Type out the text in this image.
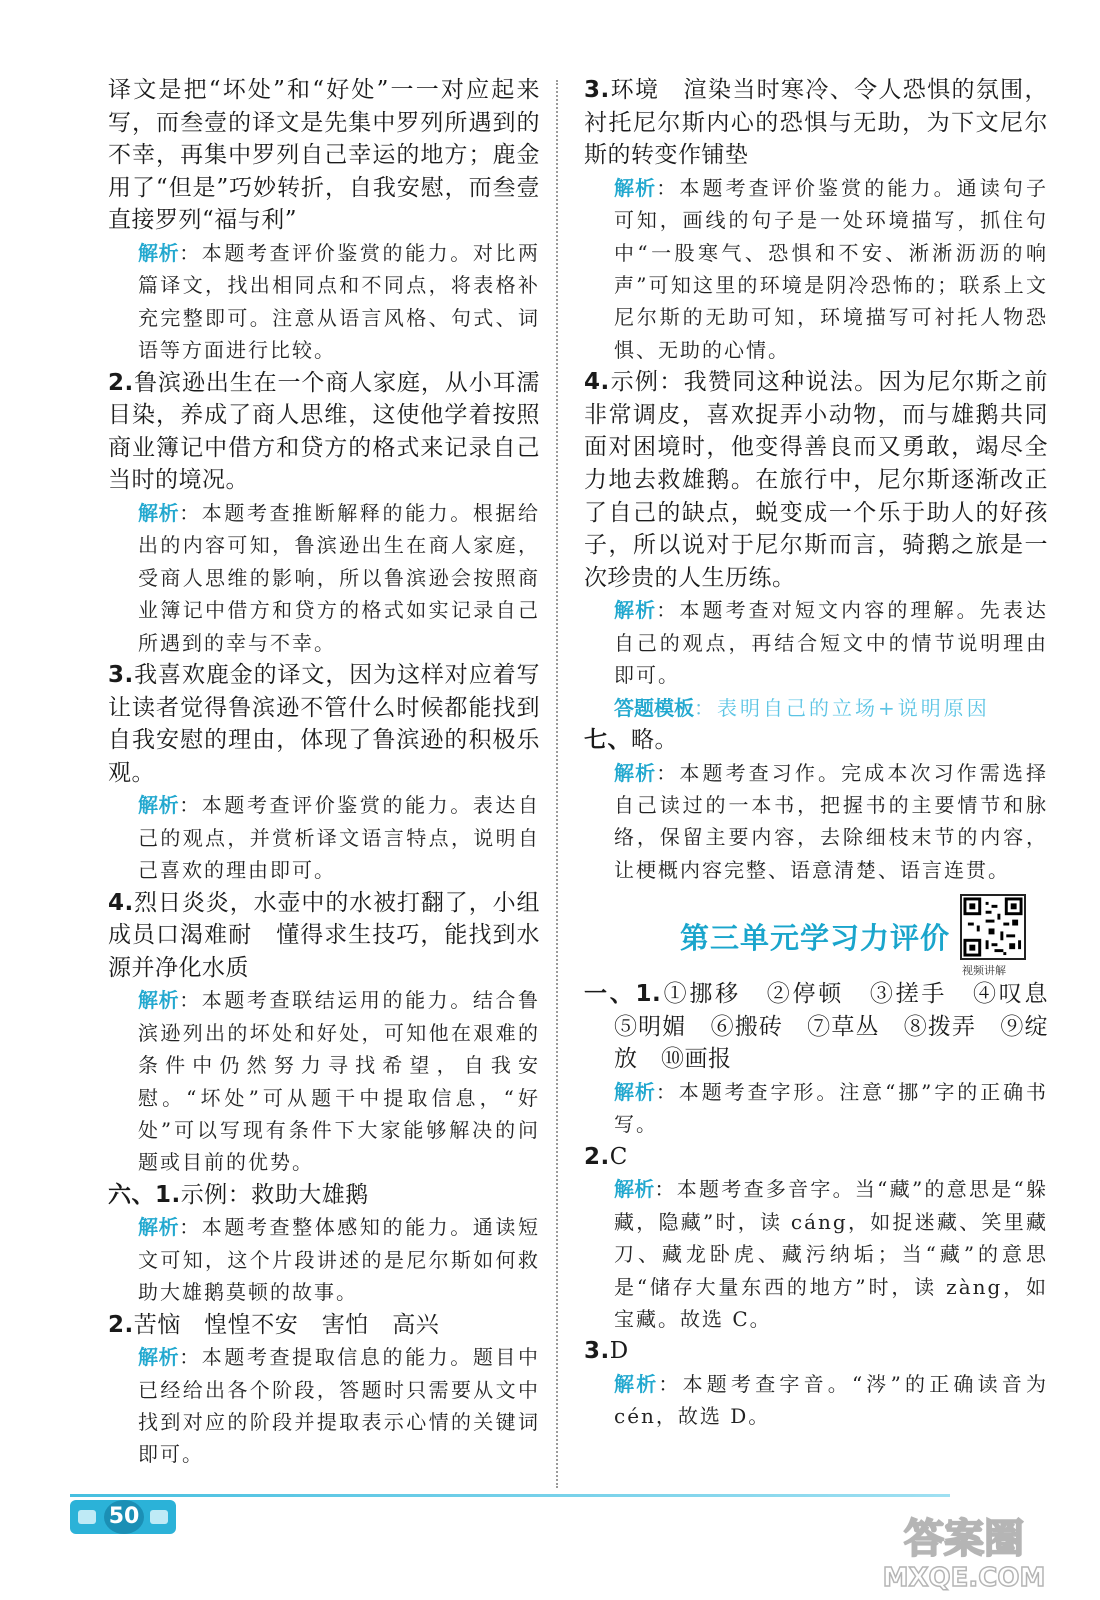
译文是把“坏处”和“好处”一一对应起来写，而叁壹的译文是先集中罗列所遇到的不幸，再集中罗列自己幸运的地方；鹿金用了“但是”巧妙转折，自我安慰，而叁壹直接罗列“福与利”

解析：本题考查评价鉴赏的能力。对比两篇译文，找出相同点和不同点，将表格补充完整即可。注意从语言风格、句式、词语等方面进行比较。

2.鲁滨逊出生在一个商人家庭，从小耳濡目染，养成了商人思维，这使他学着按照商业簿记中借方和贷方的格式来记录自己当时的境况。

解析：本题考查推断解释的能力。根据给出的内容可知，鲁滨逊出生在商人家庭，受商人思维的影响，所以鲁滨逊会按照商业簿记中借方和贷方的格式如实记录自己所遇到的幸与不幸。

3.我喜欢鹿金的译文，因为这样对应着写让读者觉得鲁滨逊不管什么时候都能找到自我安慰的理由，体现了鲁滨逊的积极乐观。

解析：本题考查评价鉴赏的能力。表达自己的观点，并赏析译文语言特点，说明自己喜欢的理由即可。

4.烈日炎炎，水壶中的水被打翻了，小组成员口渴难耐　懂得求生技巧，能找到水源并净化水质

解析：本题考查联结运用的能力。结合鲁滨逊列出的坏处和好处，可知他在艰难的条件中仍然努力寻找希望，自我安慰。“坏处”可从题干中提取信息，“好处”可以写现有条件下大家能够解决的问题或目前的优势。

六、1.示例：救助大雄鹅

解析：本题考查整体感知的能力。通读短文可知，这个片段讲述的是尼尔斯如何救助大雄鹅莫顿的故事。

2.苦恼　惶惶不安　害怕　高兴

解析：本题考查提取信息的能力。题目中已经给出各个阶段，答题时只需要从文中找到对应的阶段并提取表示心情的关键词即可。

3.环境　渲染当时寒冷、令人恐惧的氛围，衬托尼尔斯内心的恐惧与无助，为下文尼尔斯的转变作铺垫

解析：本题考查评价鉴赏的能力。通读句子可知，画线的句子是一处环境描写，抓住句中“一股寒气、恐惧和不安、淅淅沥沥的响声”可知这里的环境是阴冷恐怖的；联系上文尼尔斯的无助可知，环境描写可衬托人物恐惧、无助的心情。

4.示例：我赞同这种说法。因为尼尔斯之前非常调皮，喜欢捉弄小动物，而与雄鹅共同面对困境时，他变得善良而又勇敢，竭尽全力地去救雄鹅。在旅行中，尼尔斯逐渐改正了自己的缺点，蜕变成一个乐于助人的好孩子，所以说对于尼尔斯而言，骑鹅之旅是一次珍贵的人生历练。

解析：本题考查对短文内容的理解。先表达自己的观点，再结合短文中的情节说明理由即可。

答题模板：表明自己的立场+说明原因

七、略。

解析：本题考查习作。完成本次习作需选择自己读过的一本书，把握书的主要情节和脉络，保留主要内容，去除细枝末节的内容，让梗概内容完整、语意清楚、语言连贯。

第三单元学习力评价
视频讲解

一、1.①挪移　②停顿　③搓手　④叹息　⑤明媚　⑥搬砖　⑦草丛　⑧拨弄　⑨绽放　⑩画报

解析：本题考查字形。注意“挪”字的正确书写。

2.C

解析：本题考查多音字。当“藏”的意思是“躲藏，隐藏”时，读 cáng，如捉迷藏、笑里藏刀、藏龙卧虎、藏污纳垢；当“藏”的意思是“储存大量东西的地方”时，读 zàng，如宝藏。故选 C。

3.D

解析：本题考查字音。“涔”的正确读音为 cén，故选 D。

50	答案圈
MXQE.COM
